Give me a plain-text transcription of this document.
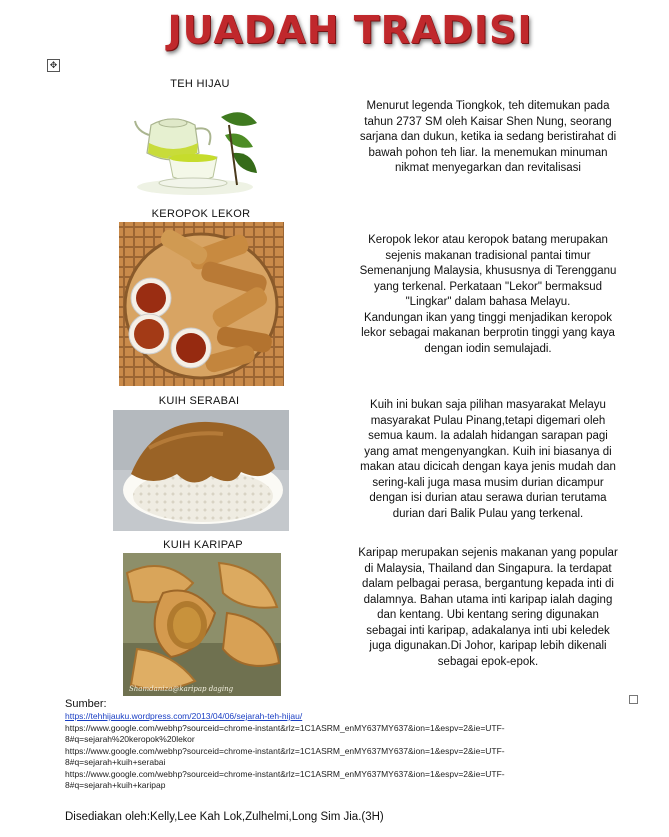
JUADAH TRADISI
✥
TEH HIJAU
Menurut legenda Tiongkok, teh ditemukan pada
tahun 2737 SM oleh Kaisar Shen Nung, seorang
sarjana dan dukun, ketika ia sedang beristirahat di
bawah pohon teh liar. Ia menemukan minuman
nikmat menyegarkan dan revitalisasi
KEROPOK LEKOR
Keropok lekor atau keropok batang merupakan
sejenis makanan tradisional pantai timur
Semenanjung Malaysia, khususnya di Terengganu
yang terkenal. Perkataan "Lekor" bermaksud
"Lingkar" dalam bahasa Melayu.
Kandungan ikan yang tinggi menjadikan keropok
lekor sebagai makanan berprotin tinggi yang kaya
dengan iodin semulajadi.
KUIH SERABAI	Kuih ini bukan saja pilihan masyarakat Melayu
masyarakat Pulau Pinang,tetapi digemari oleh
semua kaum. Ia adalah hidangan sarapan pagi
yang amat mengenyangkan. Kuih ini biasanya di
makan atau dicicah dengan kaya jenis mudah dan
sering-kali juga masa musim durian dicampur
dengan isi durian atau serawa durian terutama
durian dari Balik Pulau yang terkenal.
KUIH KARIPAP
Shamdaniza@karipap daging
Karipap merupakan sejenis makanan yang popular
di Malaysia, Thailand dan Singapura. Ia terdapat
dalam pelbagai perasa, bergantung kepada inti di
dalamnya. Bahan utama inti karipap ialah daging
dan kentang. Ubi kentang sering digunakan
sebagai inti karipap, adakalanya inti ubi keledek
juga digunakan.Di Johor, karipap lebih dikenali
sebagai epok-epok.
Sumber:
https://tehhijauku.wordpress.com/2013/04/06/sejarah-teh-hijau/
https://www.google.com/webhp?sourceid=chrome-instant&rlz=1C1ASRM_enMY637MY637&ion=1&espv=2&ie=UTF-
8#q=sejarah%20keropok%20lekor
https://www.google.com/webhp?sourceid=chrome-instant&rlz=1C1ASRM_enMY637MY637&ion=1&espv=2&ie=UTF-
8#q=sejarah+kuih+serabai
https://www.google.com/webhp?sourceid=chrome-instant&rlz=1C1ASRM_enMY637MY637&ion=1&espv=2&ie=UTF-
8#q=sejarah+kuih+karipap
Disediakan oleh:Kelly,Lee Kah Lok,Zulhelmi,Long Sim Jia.(3H)
